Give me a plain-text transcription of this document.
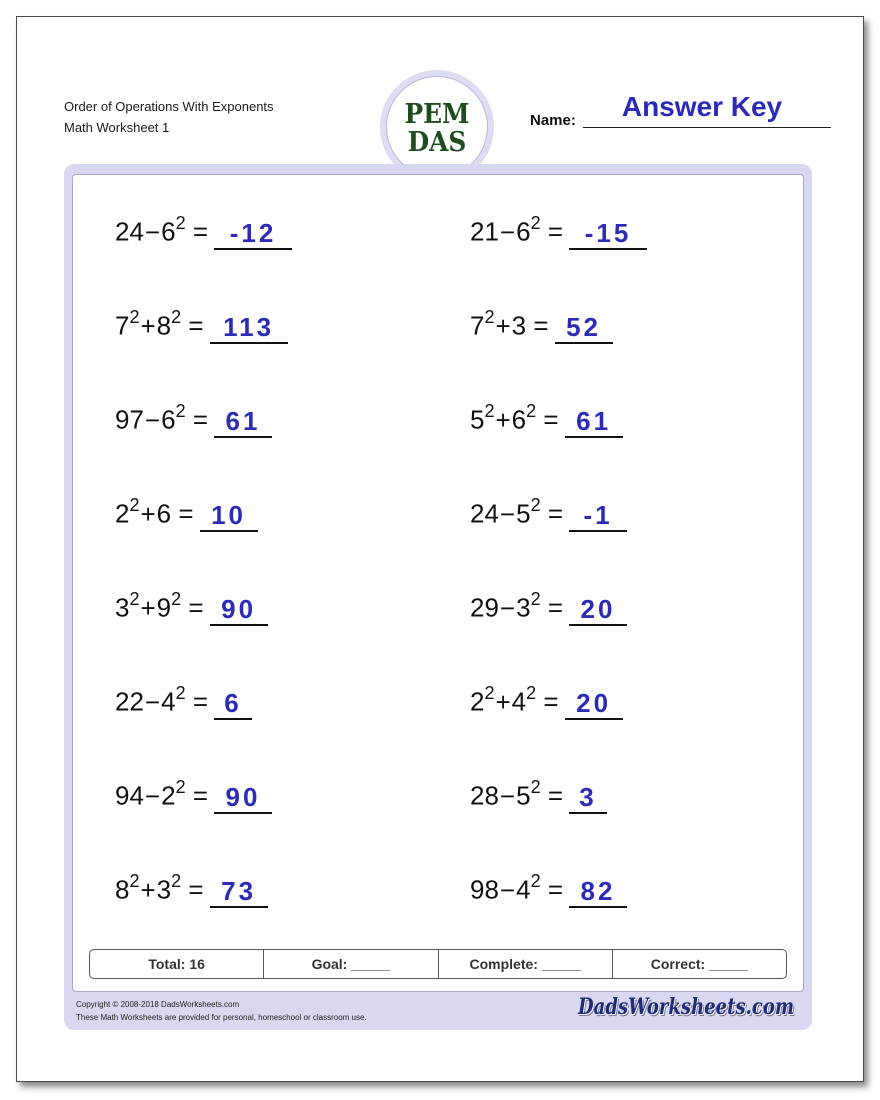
Order of Operations With Exponents
Math Worksheet 1	PEM
DAS
Name:	Answer Key
$24-6^2 = -12$	$21-6^2 = -15$
$7^2+8^2 = 113$	$7^2+3 = 52$
$97-6^2 = 61$	$5^2+6^2 = 61$
$2^2+6 = 10$	$24-5^2 = -1$
$3^2+9^2 = 90$	$29-3^2 = 20$
$22-4^2 = 6$	$2^2+4^2 = 20$
$94-2^2 = 90$	$28-5^2 = 3$
$8^2+3^2 = 73$	$98-4^2 = 82$
Total: 16	Goal: _____	Complete: _____	Correct: _____
Copyright © 2008-2018 DadsWorksheets.com
These Math Worksheets are provided for personal, homeschool or classroom use.	DadsWorksheets.com
